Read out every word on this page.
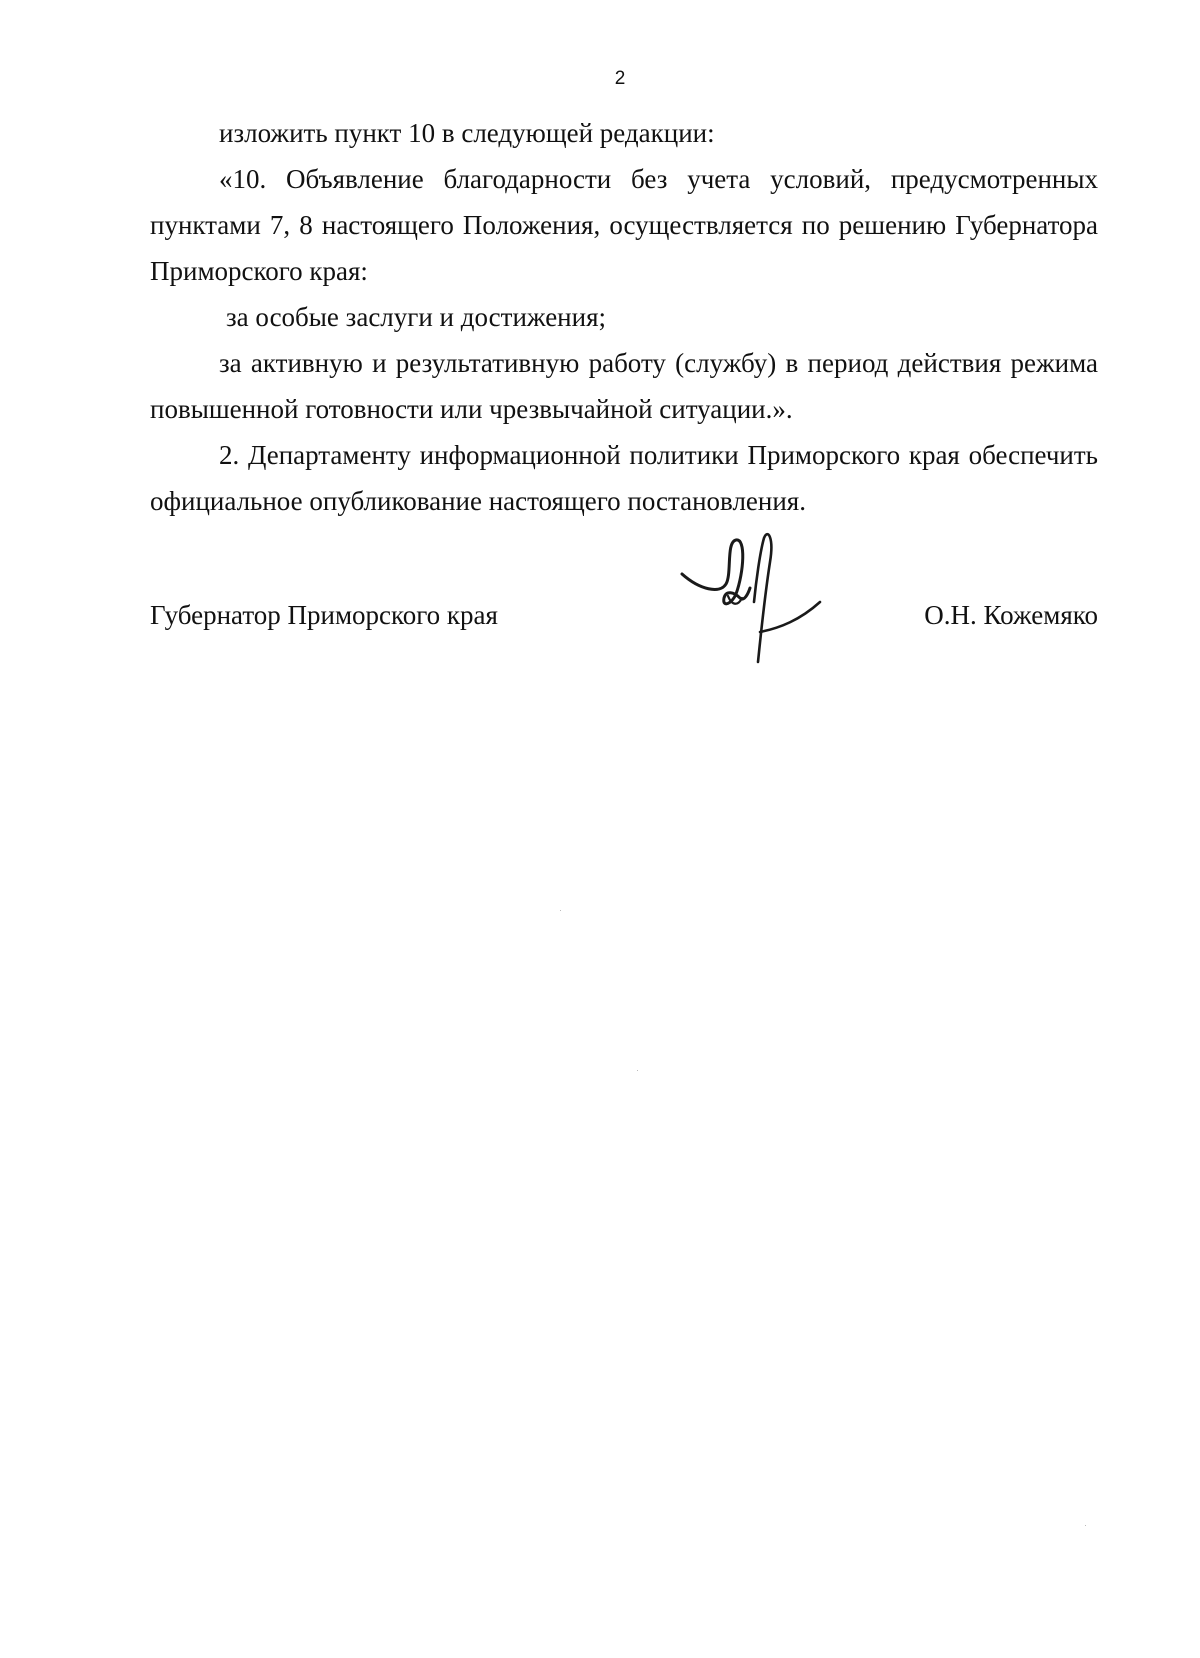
2

изложить пункт 10 в следующей редакции:

«10. Объявление благодарности без учета условий, предусмотренных пунктами 7, 8 настоящего Положения, осуществляется по решению Губернатора Приморского края:

за особые заслуги и достижения;

за активную и результативную работу (службу) в период действия режима повышенной готовности или чрезвычайной ситуации.».

2. Департаменту информационной политики Приморского края обеспечить официальное опубликование настоящего постановления.

Губернатор Приморского края	О.Н. Кожемяко
